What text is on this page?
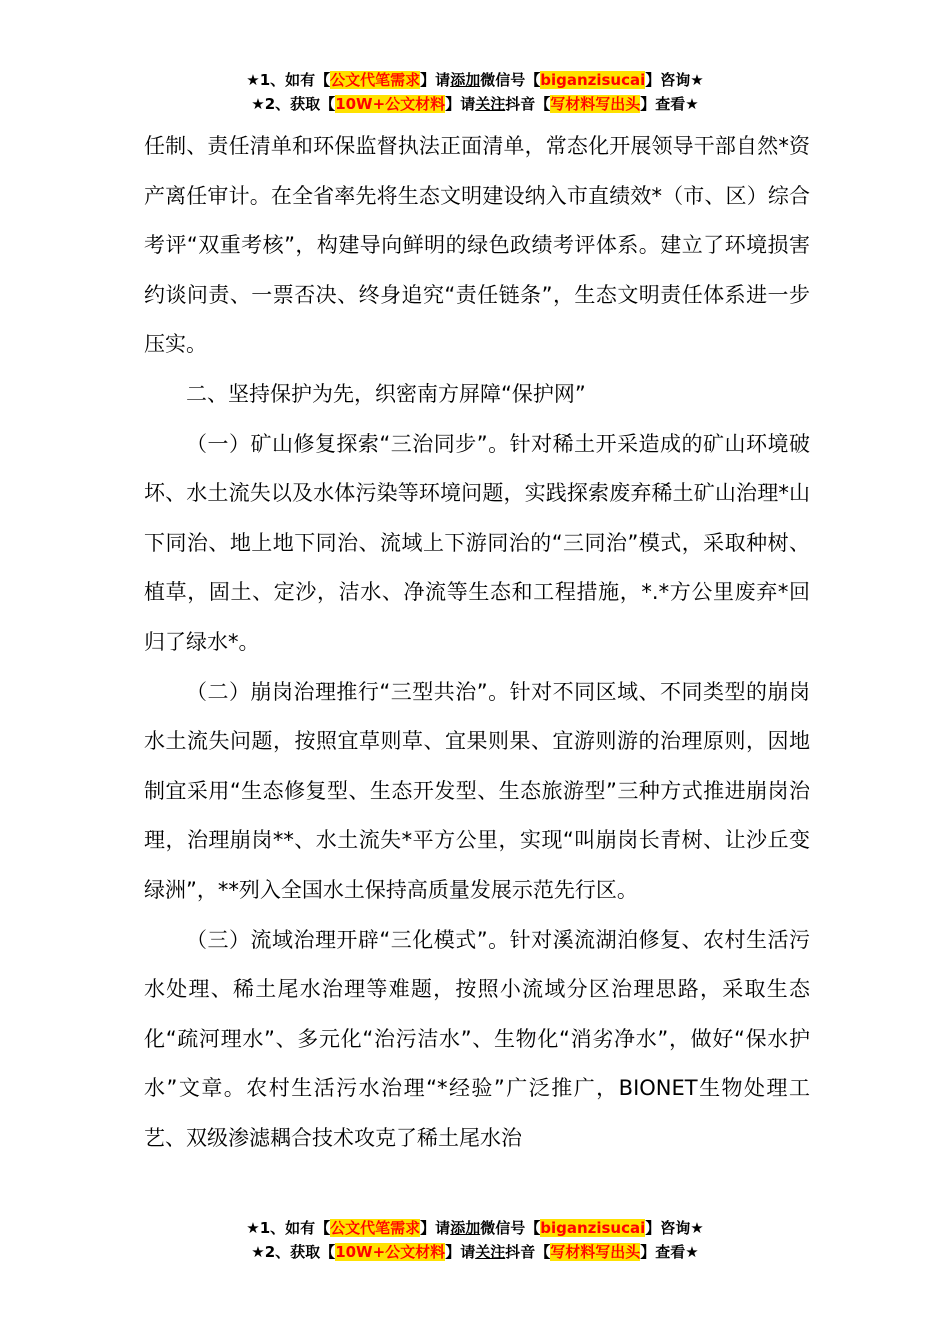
★1、如有【公文代笔需求】请添加微信号【biganzisucai】咨询★
★2、获取【10W+公文材料】请关注抖音【写材料写出头】查看★

任制、责任清单和环保监督执法正面清单，常态化开展领导干部自然*资产离任审计。在全省率先将生态文明建设纳入市直绩效*（市、区）综合考评“双重考核”，构建导向鲜明的绿色政绩考评体系。建立了环境损害约谈问责、一票否决、终身追究“责任链条”，生态文明责任体系进一步压实。

二、坚持保护为先，织密南方屏障“保护网”

（一）矿山修复探索“三治同步”。针对稀土开采造成的矿山环境破坏、水土流失以及水体污染等环境问题，实践探索废弃稀土矿山治理*山下同治、地上地下同治、流域上下游同治的“三同治”模式，采取种树、植草，固土、定沙，洁水、净流等生态和工程措施，*.*方公里废弃*回归了绿水*。

（二）崩岗治理推行“三型共治”。针对不同区域、不同类型的崩岗水土流失问题，按照宜草则草、宜果则果、宜游则游的治理原则，因地制宜采用“生态修复型、生态开发型、生态旅游型”三种方式推进崩岗治理，治理崩岗**、水土流失*平方公里，实现“叫崩岗长青树、让沙丘变绿洲”，**列入全国水土保持高质量发展示范先行区。

（三）流域治理开辟“三化模式”。针对溪流湖泊修复、农村生活污水处理、稀土尾水治理等难题，按照小流域分区治理思路，采取生态化“疏河理水”、多元化“治污洁水”、生物化“消劣净水”，做好“保水护水”文章。农村生活污水治理“*经验”广泛推广，BIONET生物处理工艺、双级渗滤耦合技术攻克了稀土尾水治

★1、如有【公文代笔需求】请添加微信号【biganzisucai】咨询★
★2、获取【10W+公文材料】请关注抖音【写材料写出头】查看★
